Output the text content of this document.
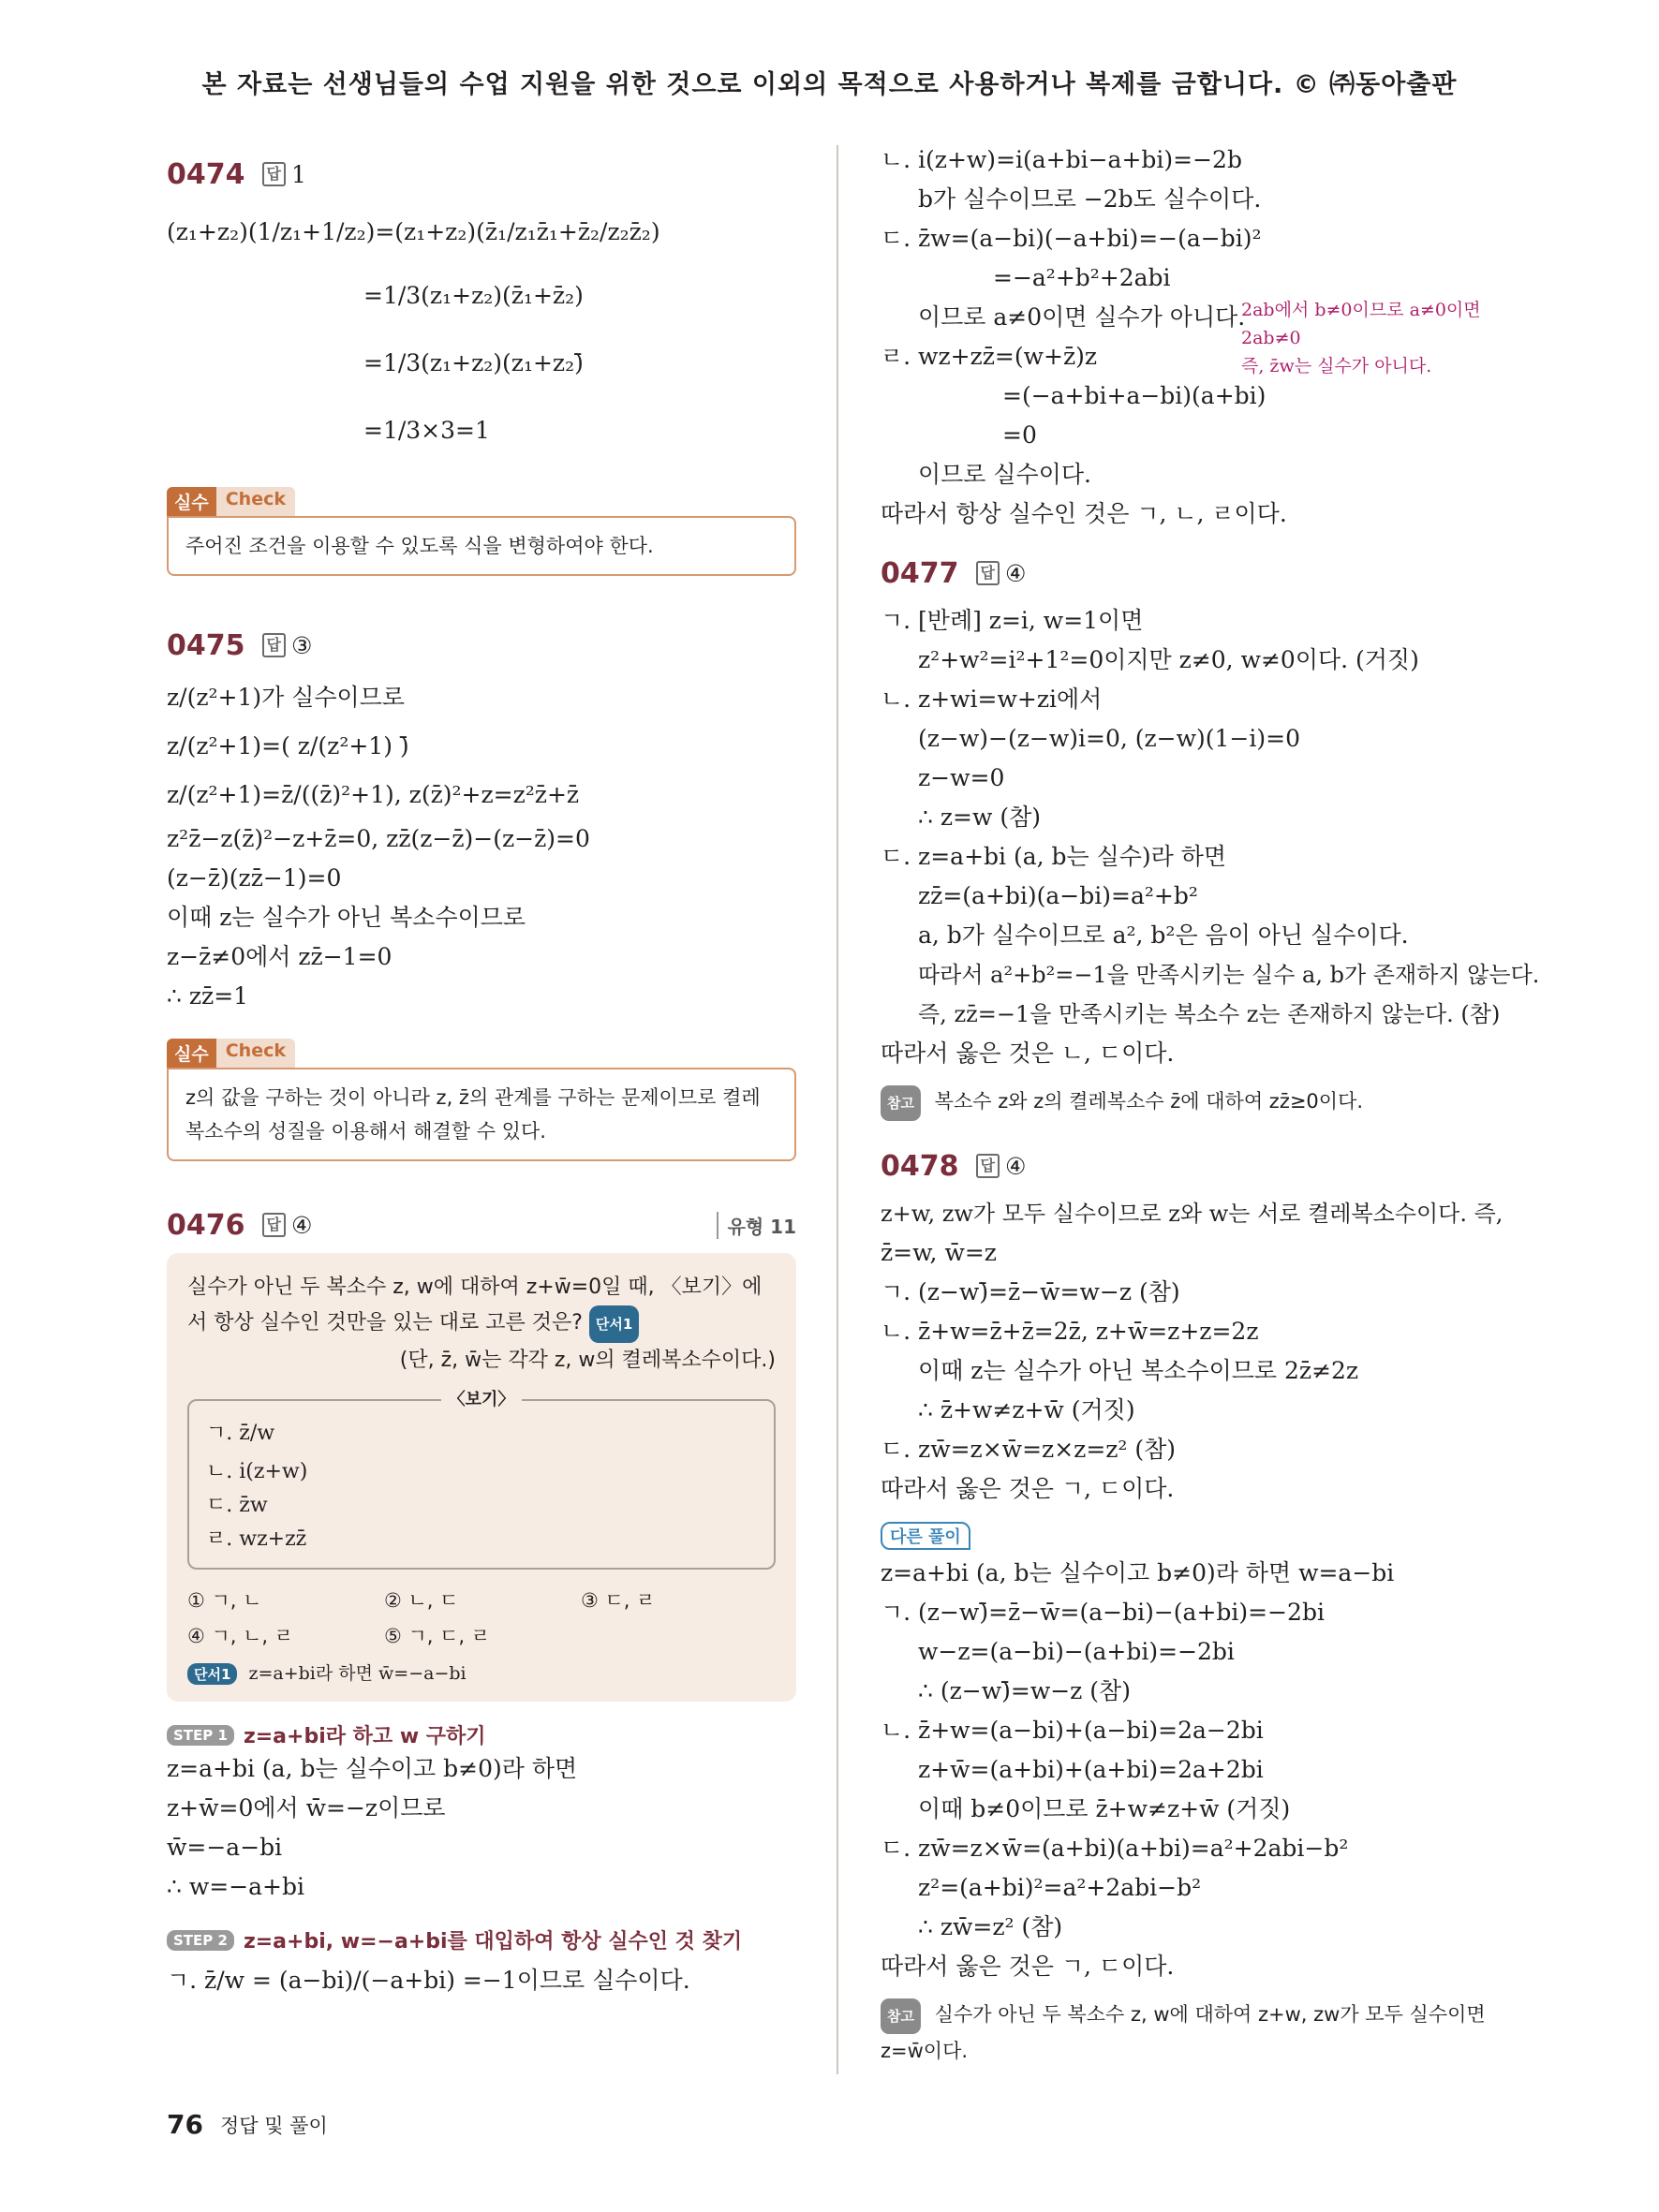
본 자료는 선생님들의 수업 지원을 위한 것으로 이외의 목적으로 사용하거나 복제를 금합니다. © ㈜동아출판
0474	답 1
(z₁+z₂)(1/z₁+1/z₂)=(z₁+z₂)(z̄₁/z₁z̄₁+z̄₂/z₂z̄₂)
=1/3(z₁+z₂)(z̄₁+z̄₂)
=1/3(z₁+z₂)(z₁+z₂)̄
=1/3×3=1
실수 Check
주어진 조건을 이용할 수 있도록 식을 변형하여야 한다.
0475	답 ③
z/(z²+1)가 실수이므로
z/(z²+1)=( z/(z²+1) )̄
z/(z²+1)=z̄/((z̄)²+1), z(z̄)²+z=z²z̄+z̄
z²z̄−z(z̄)²−z+z̄=0, zz̄(z−z̄)−(z−z̄)=0
(z−z̄)(zz̄−1)=0
이때 z는 실수가 아닌 복소수이므로
z−z̄≠0에서 zz̄−1=0
∴ zz̄=1
실수 Check
z의 값을 구하는 것이 아니라 z, z̄의 관계를 구하는 문제이므로 켤레복소수의 성질을 이용해서 해결할 수 있다.
0476	답 ④	유형 11
실수가 아닌 두 복소수 z, w에 대하여 z+w̄=0일 때, 〈보기〉에서 항상 실수인 것만을 있는 대로 고른 것은? 단서1
(단, z̄, w̄는 각각 z, w의 켤레복소수이다.)
〈보기〉
ㄱ. z̄/w
ㄴ. i(z+w)
ㄷ. z̄w
ㄹ. wz+zz̄
① ㄱ, ㄴ	② ㄴ, ㄷ	③ ㄷ, ㄹ
④ ㄱ, ㄴ, ㄹ	⑤ ㄱ, ㄷ, ㄹ
단서1 z=a+bi라 하면 w̄=−a−bi
STEP 1 z=a+bi라 하고 w 구하기
z=a+bi (a, b는 실수이고 b≠0)라 하면
z+w̄=0에서 w̄=−z이므로
w̄=−a−bi
∴ w=−a+bi
STEP 2 z=a+bi, w=−a+bi를 대입하여 항상 실수인 것 찾기
ㄱ. z̄/w = (a−bi)/(−a+bi) =−1이므로 실수이다.
ㄴ. i(z+w)=i(a+bi−a+bi)=−2b
b가 실수이므로 −2b도 실수이다.
ㄷ. z̄w=(a−bi)(−a+bi)=−(a−bi)²
=−a²+b²+2abi
이므로 a≠0이면 실수가 아니다.
ㄹ. wz+zz̄=(w+z̄)z
=(−a+bi+a−bi)(a+bi)
=0
이므로 실수이다.
따라서 항상 실수인 것은 ㄱ, ㄴ, ㄹ이다.
0477	답 ④
ㄱ. [반례] z=i, w=1이면
z²+w²=i²+1²=0이지만 z≠0, w≠0이다. (거짓)
ㄴ. z+wi=w+zi에서
(z−w)−(z−w)i=0, (z−w)(1−i)=0
z−w=0
∴ z=w (참)
ㄷ. z=a+bi (a, b는 실수)라 하면
zz̄=(a+bi)(a−bi)=a²+b²
a, b가 실수이므로 a², b²은 음이 아닌 실수이다.
따라서 a²+b²=−1을 만족시키는 실수 a, b가 존재하지 않는다.
즉, zz̄=−1을 만족시키는 복소수 z는 존재하지 않는다. (참)
따라서 옳은 것은 ㄴ, ㄷ이다.
참고 복소수 z와 z의 켤레복소수 z̄에 대하여 zz̄≥0이다.
0478	답 ④
z+w, zw가 모두 실수이므로 z와 w는 서로 켤레복소수이다. 즉,
z̄=w, w̄=z
ㄱ. (z−w)̄=z̄−w̄=w−z (참)
ㄴ. z̄+w=z̄+z̄=2z̄, z+w̄=z+z=2z
이때 z는 실수가 아닌 복소수이므로 2z̄≠2z
∴ z̄+w≠z+w̄ (거짓)
ㄷ. zw̄=z×w̄=z×z=z² (참)
따라서 옳은 것은 ㄱ, ㄷ이다.
다른 풀이
z=a+bi (a, b는 실수이고 b≠0)라 하면 w=a−bi
ㄱ. (z−w)̄=z̄−w̄=(a−bi)−(a+bi)=−2bi
w−z=(a−bi)−(a+bi)=−2bi
∴ (z−w)̄=w−z (참)
ㄴ. z̄+w=(a−bi)+(a−bi)=2a−2bi
z+w̄=(a+bi)+(a+bi)=2a+2bi
이때 b≠0이므로 z̄+w≠z+w̄ (거짓)
ㄷ. zw̄=z×w̄=(a+bi)(a+bi)=a²+2abi−b²
z²=(a+bi)²=a²+2abi−b²
∴ zw̄=z² (참)
따라서 옳은 것은 ㄱ, ㄷ이다.
참고 실수가 아닌 두 복소수 z, w에 대하여 z+w, zw가 모두 실수이면 z=w̄이다.
2ab에서 b≠0이므로 a≠0이면
2ab≠0
즉, z̄w는 실수가 아니다.
76 정답 및 풀이
